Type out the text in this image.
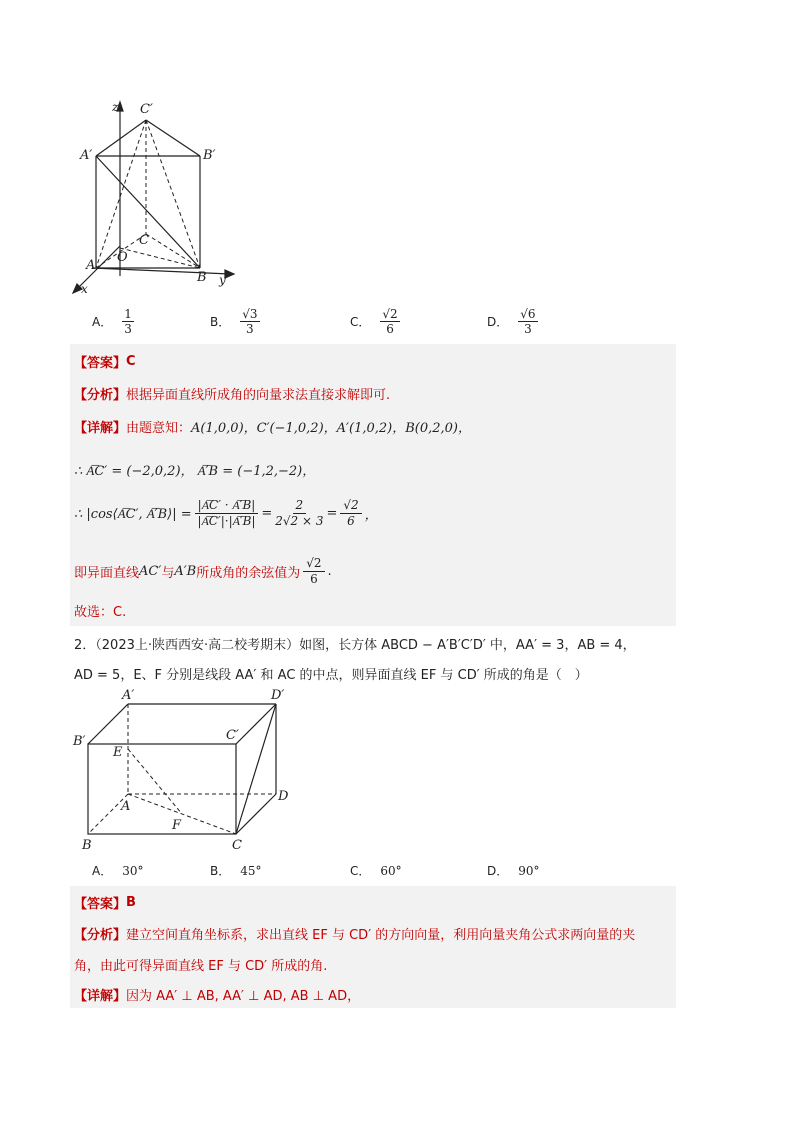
z C′
A′	B′
C
O
A
B y
x
A． $\frac{1}{3}$	B． $\frac{√3}{3}$	C． $\frac{√2}{6}$	D． $\frac{√6}{3}$
【答案】 C
【分析】 根据异面直线所成角的向量求法直接求解即可.
【详解】 由题意知： A(1,0,0)，C′(−1,0,2)，A′(1,0,2)，B(0,2,0)，
∴ A͞C′ = (−2,0,2)， A͞′B = (−1,2,−2)，
∴ |cos⟨A͞C′, A͞′B⟩| = $\frac{|A͞C' \cdot A͞'B|}{|A͞C'|\cdot|A͞'B|} = \frac{2}{2√2 \times 3} = \frac{√2}{6}$ ，
即异面直线 AC′ 与 A′B 所成角的余弦值为
√2
6 .
故选：C.
2．（2023上·陕西西安·高二校考期末）如图，长方体 ABCD − A′B′C′D′ 中，AA′ = 3，AB = 4，
AD = 5，E、F 分别是线段 AA′ 和 AC 的中点，则异面直线 EF 与 CD′ 所成的角是（　）
A′	D′
B′	C′
E
D
A
F
B	C
A． 30°	B． 45°	C． 60°	D． 90°
【答案】 B
【分析】 建立空间直角坐标系，求出直线 EF 与 CD′ 的方向向量，利用向量夹角公式求两向量的夹
角，由此可得异面直线 EF 与 CD′ 所成的角.
【详解】 因为 AA′ ⊥ AB, AA′ ⊥ AD, AB ⊥ AD，
